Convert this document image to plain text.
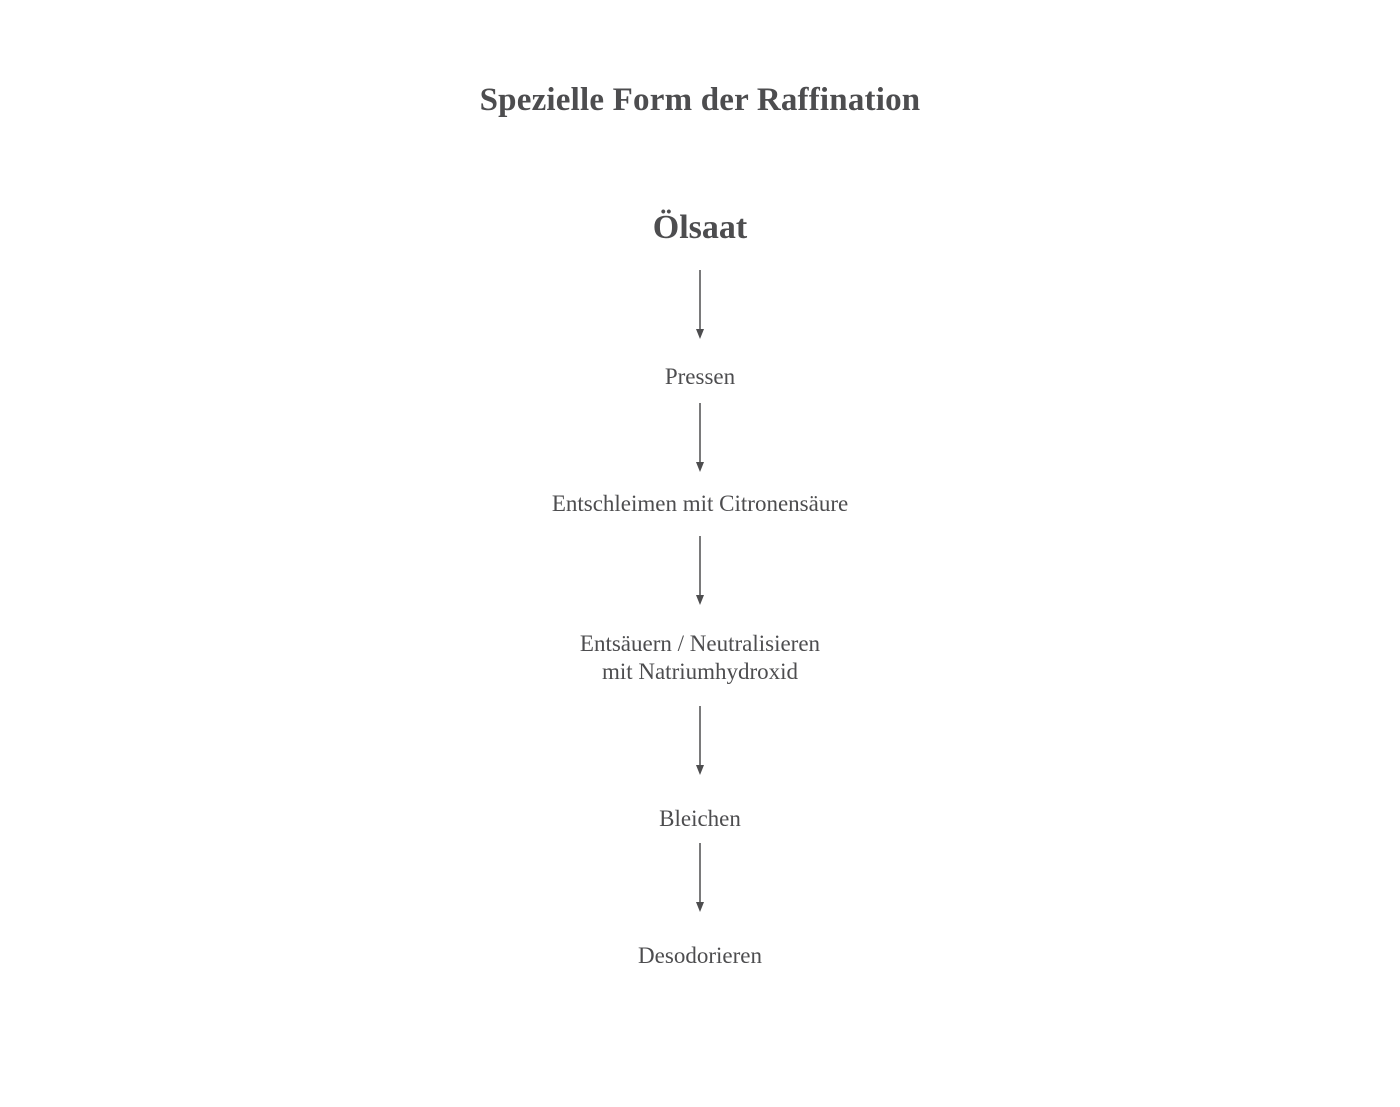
Spezielle Form der Raffination
Ölsaat
Pressen
Entschleimen mit Citronensäure
Entsäuern / Neutralisieren
mit Natriumhydroxid
Bleichen
Desodorieren
